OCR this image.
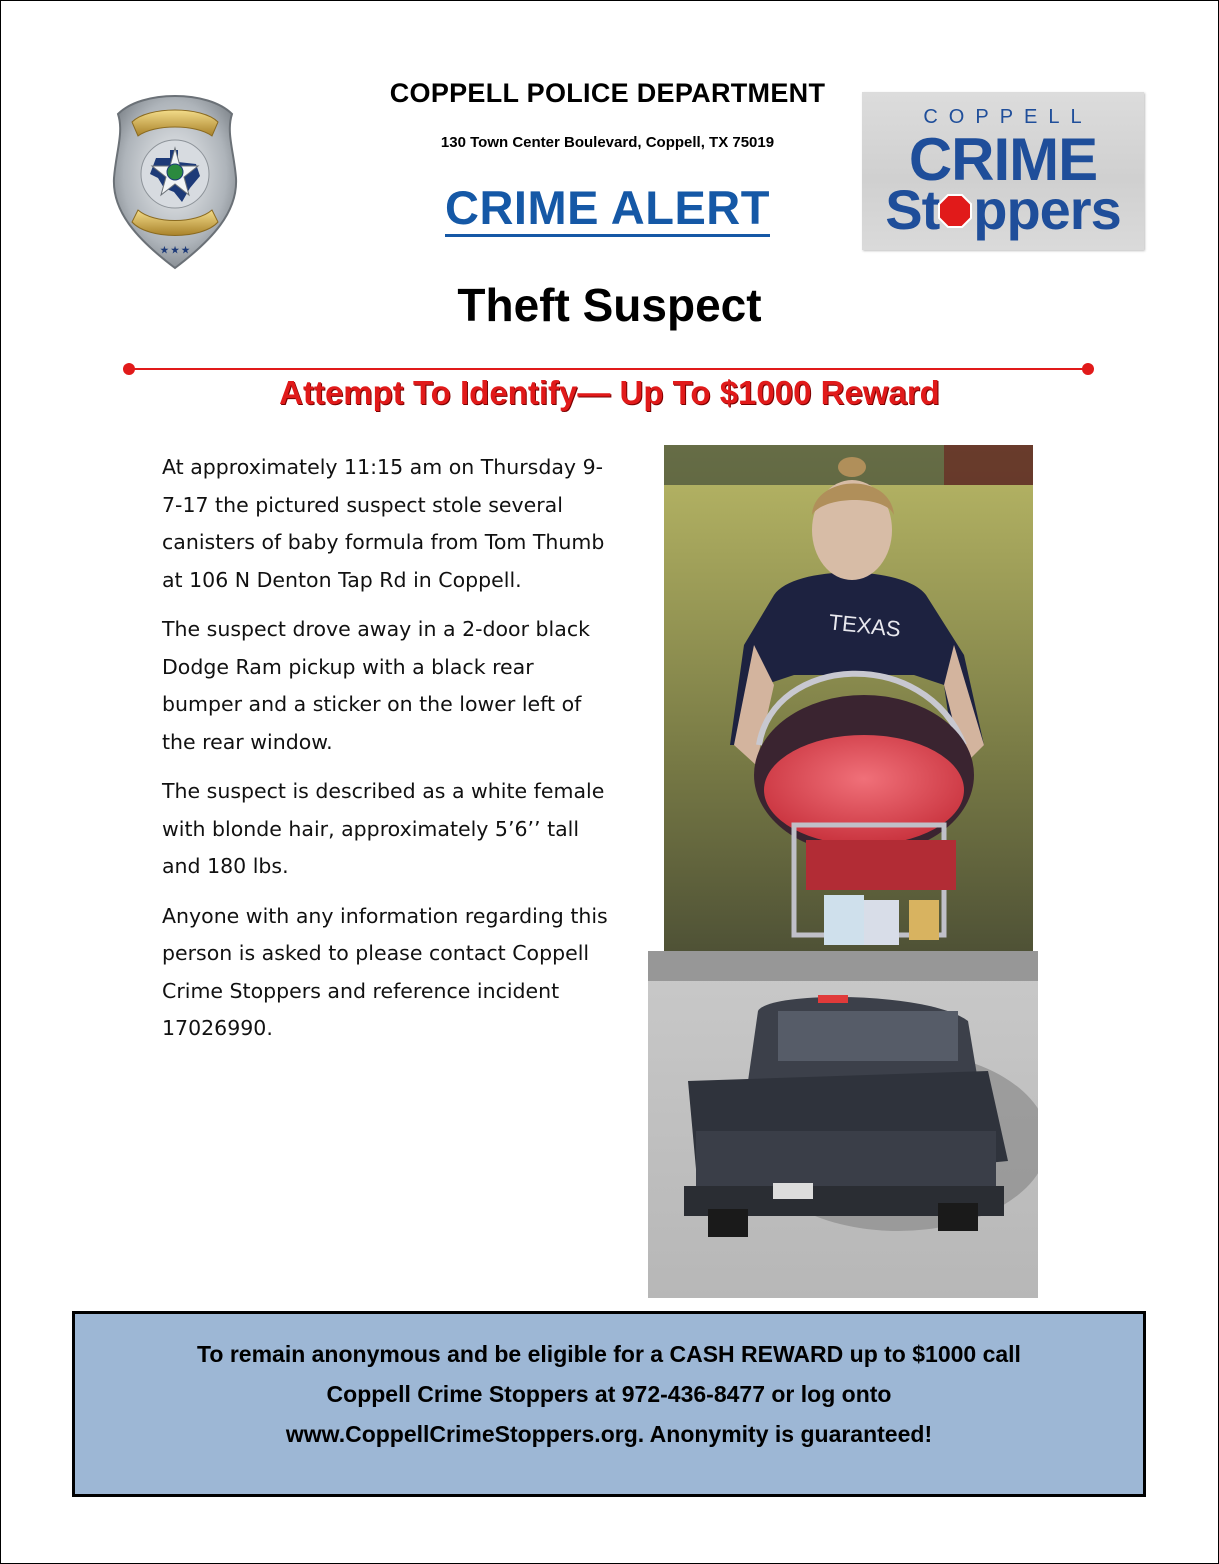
★ ★ ★
COPPELL POLICE DEPARTMENT
130 Town Center Boulevard, Coppell, TX 75019
CRIME ALERT
COPPELL
CRIME
St ppers
Theft Suspect
Attempt To Identify— Up To $1000 Reward

At approximately 11:15 am on Thursday 9-7-17 the pictured suspect stole several canisters of baby formula from Tom Thumb at 106 N Denton Tap Rd in Coppell.

The suspect drove away in a 2-door black Dodge Ram pickup with a black rear bumper and a sticker on the lower left of the rear window.

The suspect is described as a white female with blonde hair, approximately 5’6’’ tall and 180 lbs.

Anyone with any information regarding this person is asked to please contact Coppell Crime Stoppers and reference incident 17026990.

TEXAS
To remain anonymous and be eligible for a CASH REWARD up to $1000 call
Coppell Crime Stoppers at 972-436-8477 or log onto
www.CoppellCrimeStoppers.org. Anonymity is guaranteed!
